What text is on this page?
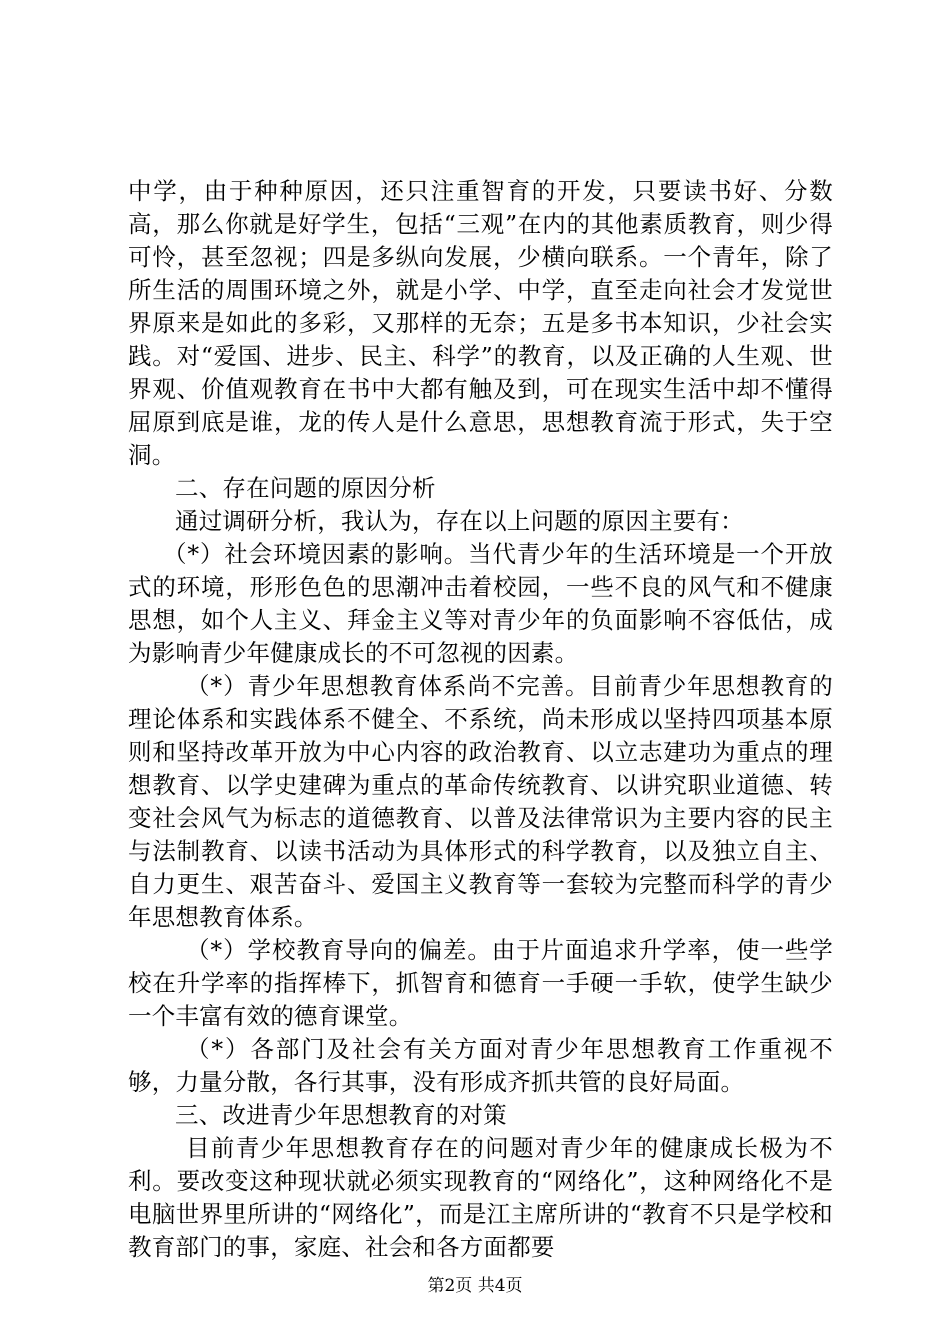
中学，由于种种原因，还只注重智育的开发，只要读书好、分数高，那么你就是好学生，包括“三观”在内的其他素质教育，则少得可怜，甚至忽视；四是多纵向发展，少横向联系。一个青年，除了所生活的周围环境之外，就是小学、中学，直至走向社会才发觉世界原来是如此的多彩，又那样的无奈；五是多书本知识，少社会实践。对“爱国、进步、民主、科学”的教育，以及正确的人生观、世界观、价值观教育在书中大都有触及到，可在现实生活中却不懂得屈原到底是谁，龙的传人是什么意思，思想教育流于形式，失于空洞。

二、存在问题的原因分析

通过调研分析，我认为，存在以上问题的原因主要有：

（*）社会环境因素的影响。当代青少年的生活环境是一个开放式的环境，形形色色的思潮冲击着校园，一些不良的风气和不健康思想，如个人主义、拜金主义等对青少年的负面影响不容低估，成为影响青少年健康成长的不可忽视的因素。

（*）青少年思想教育体系尚不完善。目前青少年思想教育的理论体系和实践体系不健全、不系统，尚未形成以坚持四项基本原则和坚持改革开放为中心内容的政治教育、以立志建功为重点的理想教育、以学史建碑为重点的革命传统教育、以讲究职业道德、转变社会风气为标志的道德教育、以普及法律常识为主要内容的民主与法制教育、以读书活动为具体形式的科学教育，以及独立自主、自力更生、艰苦奋斗、爱国主义教育等一套较为完整而科学的青少年思想教育体系。

（*）学校教育导向的偏差。由于片面追求升学率，使一些学校在升学率的指挥棒下，抓智育和德育一手硬一手软，使学生缺少一个丰富有效的德育课堂。

（*）各部门及社会有关方面对青少年思想教育工作重视不够，力量分散，各行其事，没有形成齐抓共管的良好局面。

三、改进青少年思想教育的对策

目前青少年思想教育存在的问题对青少年的健康成长极为不利。要改变这种现状就必须实现教育的“网络化”，这种网络化不是电脑世界里所讲的“网络化”，而是江主席所讲的“教育不只是学校和教育部门的事，家庭、社会和各方面都要

第2页 共4页
